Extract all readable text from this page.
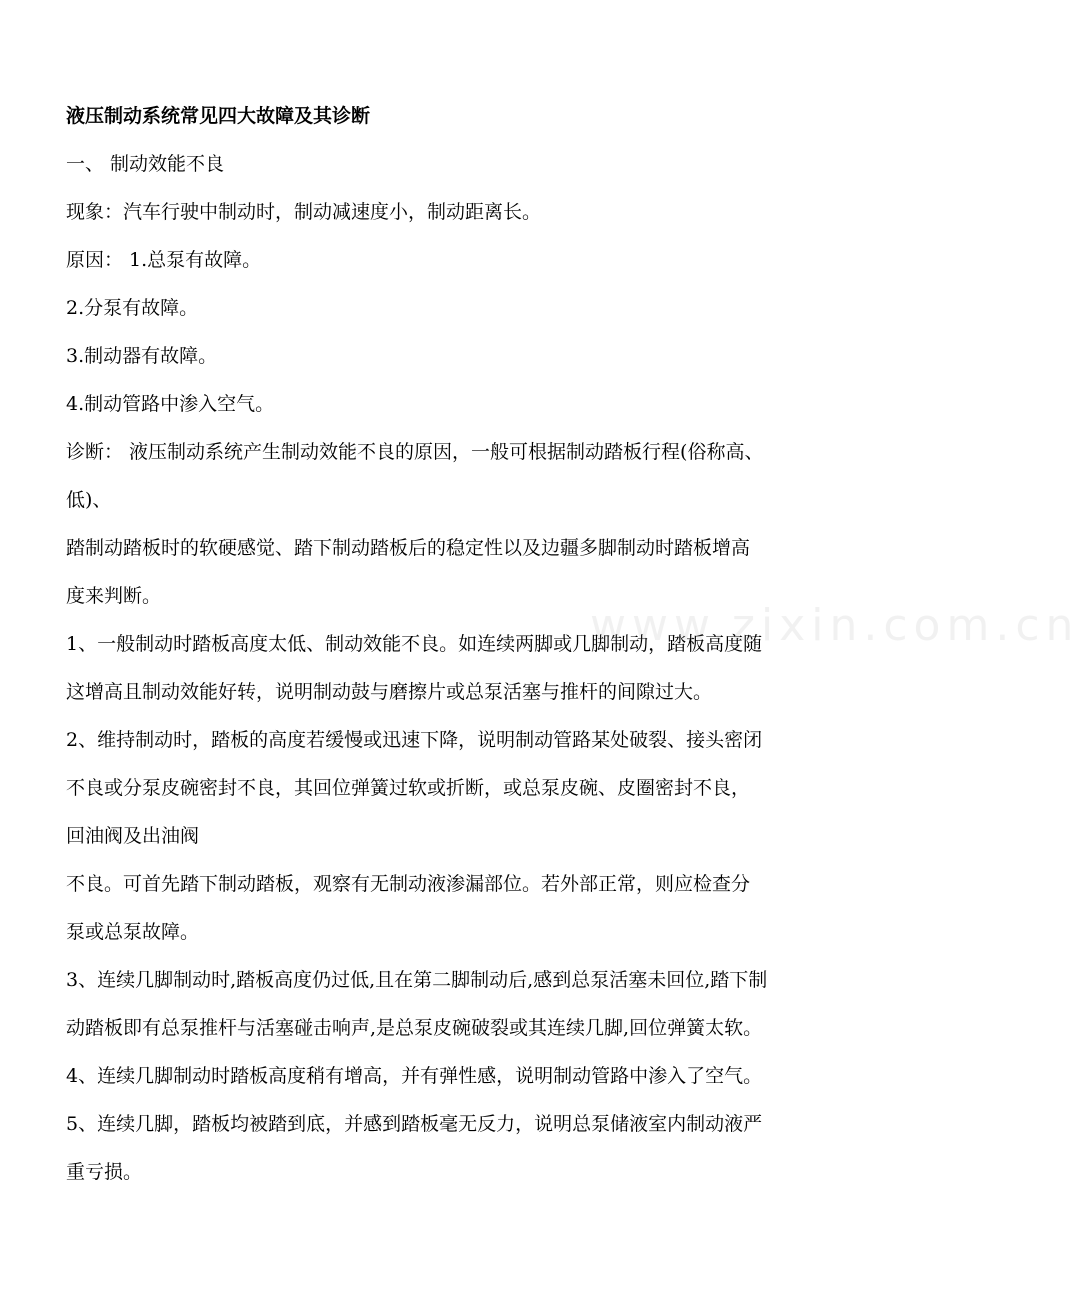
液压制动系统常见四大故障及其诊断
一、 制动效能不良
现象：汽车行驶中制动时，制动减速度小，制动距离长。
原因： 1.总泵有故障。
2.分泵有故障。
3.制动器有故障。
4.制动管路中渗入空气。
诊断： 液压制动系统产生制动效能不良的原因，一般可根据制动踏板行程(俗称高、
低)、
踏制动踏板时的软硬感觉、踏下制动踏板后的稳定性以及边疆多脚制动时踏板增高
度来判断。
1、一般制动时踏板高度太低、制动效能不良。如连续两脚或几脚制动，踏板高度随
这增高且制动效能好转，说明制动鼓与磨擦片或总泵活塞与推杆的间隙过大。
2、维持制动时，踏板的高度若缓慢或迅速下降，说明制动管路某处破裂、接头密闭
不良或分泵皮碗密封不良，其回位弹簧过软或折断，或总泵皮碗、皮圈密封不良，
回油阀及出油阀
不良。可首先踏下制动踏板，观察有无制动液渗漏部位。若外部正常，则应检查分
泵或总泵故障。
3、连续几脚制动时,踏板高度仍过低,且在第二脚制动后,感到总泵活塞未回位,踏下制
动踏板即有总泵推杆与活塞碰击响声,是总泵皮碗破裂或其连续几脚,回位弹簧太软。
4、连续几脚制动时踏板高度稍有增高，并有弹性感，说明制动管路中渗入了空气。
5、连续几脚，踏板均被踏到底，并感到踏板毫无反力，说明总泵储液室内制动液严
重亏损。
www.zixin.com.cn
